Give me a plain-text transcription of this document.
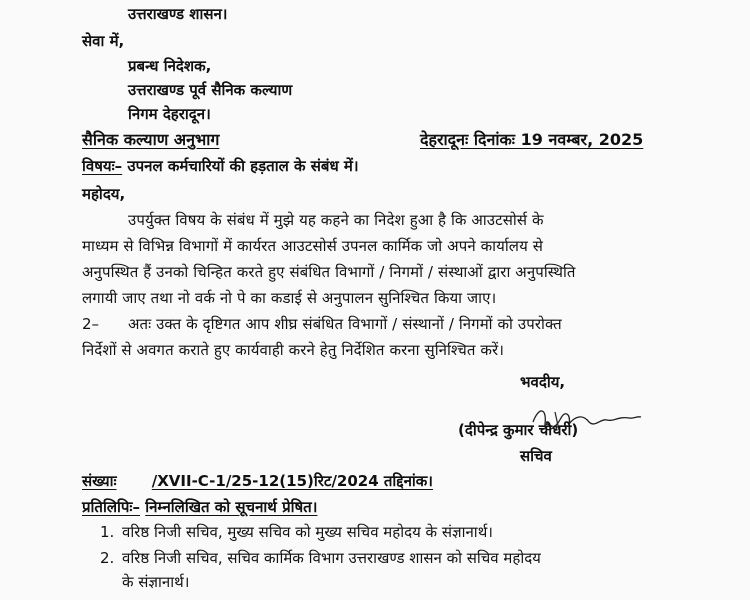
उत्तराखण्ड शासन।
सेवा में,
प्रबन्ध निदेशक,
उत्तराखण्ड पूर्व सैनिक कल्याण
निगम देहरादून।
सैनिक कल्याण अनुभाग	देहरादूनः दिनांकः 19 नवम्बर, 2025
विषयः– उपनल कर्मचारियों की हड़ताल के संबंध में।
महोदय,
उपर्युक्त विषय के संबंध में मुझे यह कहने का निदेश हुआ है कि आउटसोर्स के
माध्यम से विभिन्न विभागों में कार्यरत आउटसोर्स उपनल कार्मिक जो अपने कार्यालय से
अनुपस्थित हैं उनको चिन्हित करते हुए संबंधित विभागों / निगमों / संस्थाओं द्वारा अनुपस्थिति
लगायी जाए तथा नो वर्क नो पे का कडाई से अनुपालन सुनिश्चित किया जाए।
2– अतः उक्त के दृष्टिगत आप शीघ्र संबंधित विभागों / संस्थानों / निगमों को उपरोक्त
निर्देशों से अवगत कराते हुए कार्यवाही करने हेतु निर्देशित करना सुनिश्चित करें।
भवदीय,
(दीपेन्द्र कुमार चौधरी)
सचिव
संख्याः /XVII-C-1/25-12(15)रिट/2024 तद्दिनांक।
प्रतिलिपिः– निम्नलिखित को सूचनार्थ प्रेषित।
1. वरिष्ठ निजी सचिव, मुख्य सचिव को मुख्य सचिव महोदय के संज्ञानार्थ।
2. वरिष्ठ निजी सचिव, सचिव कार्मिक विभाग उत्तराखण्ड शासन को सचिव महोदय
के संज्ञानार्थ।
